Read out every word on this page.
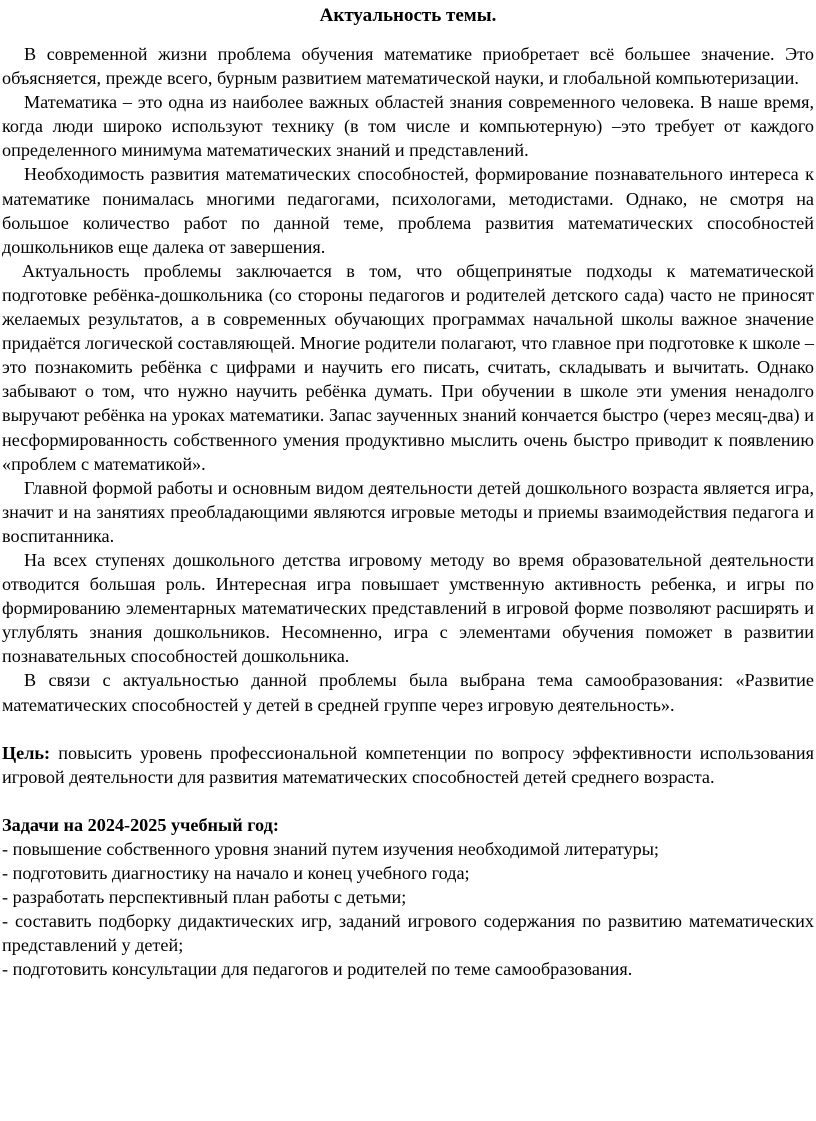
Актуальность темы.

В современной жизни проблема обучения математике приобретает всё большее значение. Это объясняется, прежде всего, бурным развитием математической науки, и глобальной компьютеризации.

Математика – это одна из наиболее важных областей знания современного человека. В наше время, когда люди широко используют технику (в том числе и компьютерную) –это требует от каждого определенного минимума математических знаний и представлений.

Необходимость развития математических способностей, формирование познавательного интереса к математике понималась многими педагогами, психологами, методистами. Однако, не смотря на большое количество работ по данной теме, проблема развития математических способностей дошкольников еще далека от завершения.

Актуальность проблемы заключается в том, что общепринятые подходы к математической подготовке ребёнка-дошкольника (со стороны педагогов и родителей детского сада) часто не приносят желаемых результатов, а в современных обучающих программах начальной школы важное значение придаётся логической составляющей. Многие родители полагают, что главное при подготовке к школе – это познакомить ребёнка с цифрами и научить его писать, считать, складывать и вычитать. Однако забывают о том, что нужно научить ребёнка думать. При обучении в школе эти умения ненадолго выручают ребёнка на уроках математики. Запас заученных знаний кончается быстро (через месяц-два) и несформированность собственного умения продуктивно мыслить очень быстро приводит к появлению «проблем с математикой».

Главной формой работы и основным видом деятельности детей дошкольного возраста является игра, значит и на занятиях преобладающими являются игровые методы и приемы взаимодействия педагога и воспитанника.

На всех ступенях дошкольного детства игровому методу во время образовательной деятельности отводится большая роль. Интересная игра повышает умственную активность ребенка, и игры по формированию элементарных математических представлений в игровой форме позволяют расширять и углублять знания дошкольников. Несомненно, игра с элементами обучения поможет в развитии познавательных способностей дошкольника.

В связи с актуальностью данной проблемы была выбрана тема самообразования: «Развитие математических способностей у детей в средней группе через игровую деятельность».

Цель: повысить уровень профессиональной компетенции по вопросу эффективности использования игровой деятельности для развития математических способностей детей среднего возраста.

Задачи на 2024-2025 учебный год:

- повышение собственного уровня знаний путем изучения необходимой литературы;

- подготовить диагностику на начало и конец учебного года;

- разработать перспективный план работы с детьми;

- составить подборку дидактических игр, заданий игрового содержания по развитию математических представлений у детей;

- подготовить консультации для педагогов и родителей по теме самообразования.
